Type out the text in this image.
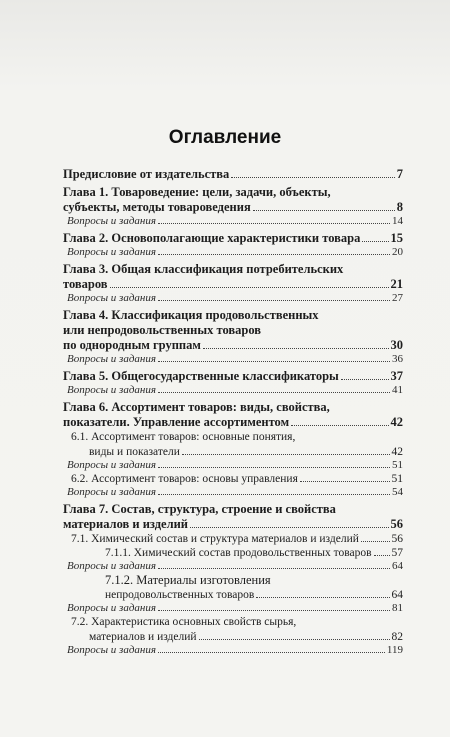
Оглавление
Предисловие от издательства	7
Глава 1. Товароведение: цели, задачи, объекты,
субъекты, методы товароведения	8
Вопросы и задания	14
Глава 2. Основополагающие характеристики товара 15
Вопросы и задания	20
Глава 3. Общая классификация потребительских
товаров	21
Вопросы и задания	27
Глава 4. Классификация продовольственных
или непродовольственных товаров
по однородным группам	30
Вопросы и задания	36
Глава 5. Общегосударственные классификаторы	37
Вопросы и задания	41
Глава 6. Ассортимент товаров: виды, свойства,
показатели. Управление ассортиментом	42
6.1. Ассортимент товаров: основные понятия,
виды и показатели	42
Вопросы и задания	51
6.2. Ассортимент товаров: основы управления	51
Вопросы и задания	54
Глава 7. Состав, структура, строение и свойства
материалов и изделий	56
7.1. Химический состав и структура материалов и изделий	56
7.1.1. Химический состав продовольственных товаров 57
Вопросы и задания	64
7.1.2. Материалы изготовления
непродовольственных товаров	64
Вопросы и задания	81
7.2. Характеристика основных свойств сырья,
материалов и изделий	82
Вопросы и задания	119
